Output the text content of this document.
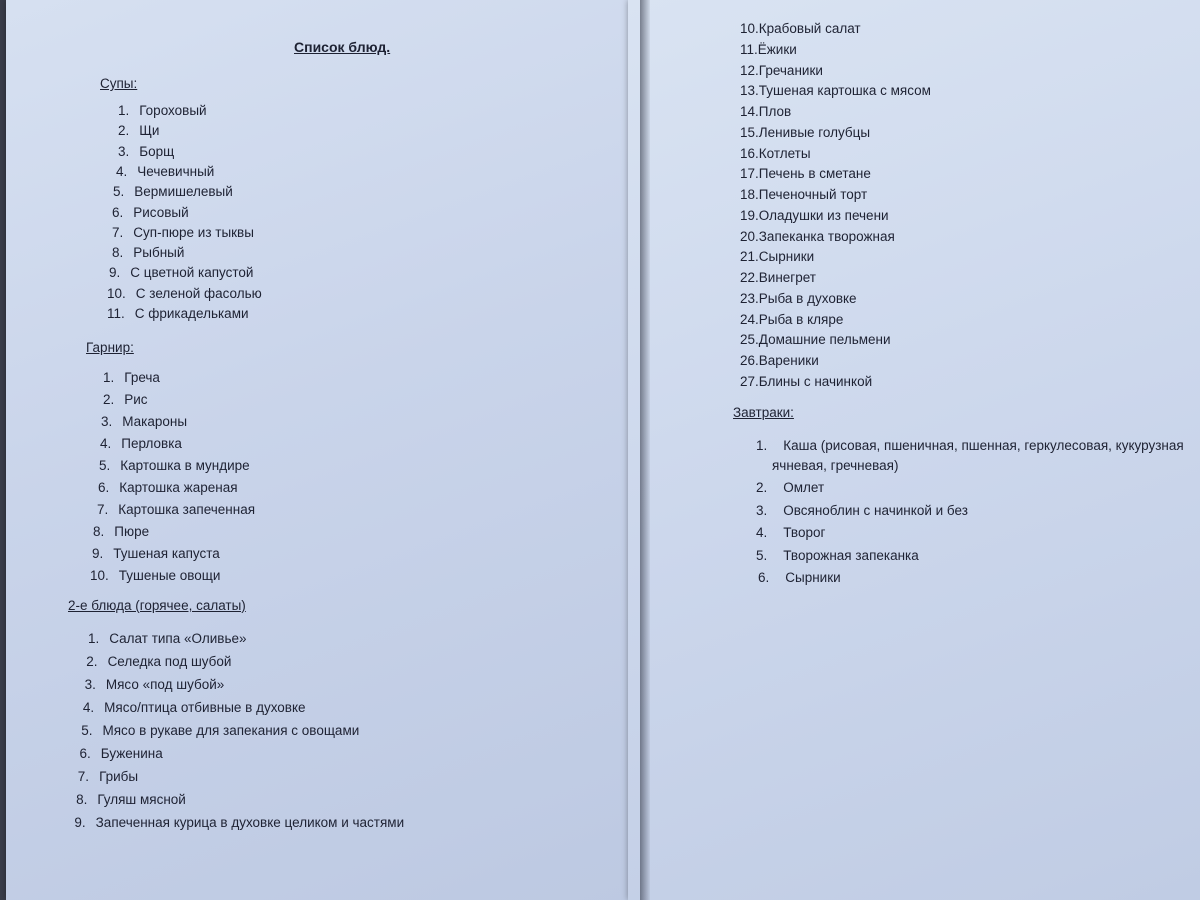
Список блюд.
Супы:
Гарнир:
2-е блюда (горячее, салаты)
Завтраки:
1. Гороховый
2. Щи
3. Борщ
4. Чечевичный
5. Вермишелевый
6. Рисовый
7. Суп-пюре из тыквы
8. Рыбный
9. С цветной капустой
10. С зеленой фасолью
11. С фрикадельками
1. Греча
2. Рис
3. Макароны
4. Перловка
5. Картошка в мундире
6. Картошка жареная
7. Картошка запеченная
8. Пюре
9. Тушеная капуста
10. Тушеные овощи
1. Каша (рисовая, пшеничная, пшенная, геркулесовая, кукурузная
ячневая, гречневая)
2. Омлет
3. Овсяноблин с начинкой и без
4. Творог
5. Творожная запеканка
6. Сырники
1. Салат типа «Оливье»
2. Селедка под шубой
3. Мясо «под шубой»
4. Мясо/птица отбивные в духовке
5. Мясо в рукаве для запекания с овощами
6. Буженина
7. Грибы
8. Гуляш мясной
9. Запеченная курица в духовке целиком и частями
10.Крабовый салат
11.Ёжики
12.Гречаники
13.Тушеная картошка с мясом
14.Плов
15.Ленивые голубцы
16.Котлеты
17.Печень в сметане
18.Печеночный торт
19.Оладушки из печени
20.Запеканка творожная
21.Сырники
22.Винегрет
23.Рыба в духовке
24.Рыба в кляре
25.Домашние пельмени
26.Вареники
27.Блины с начинкой
